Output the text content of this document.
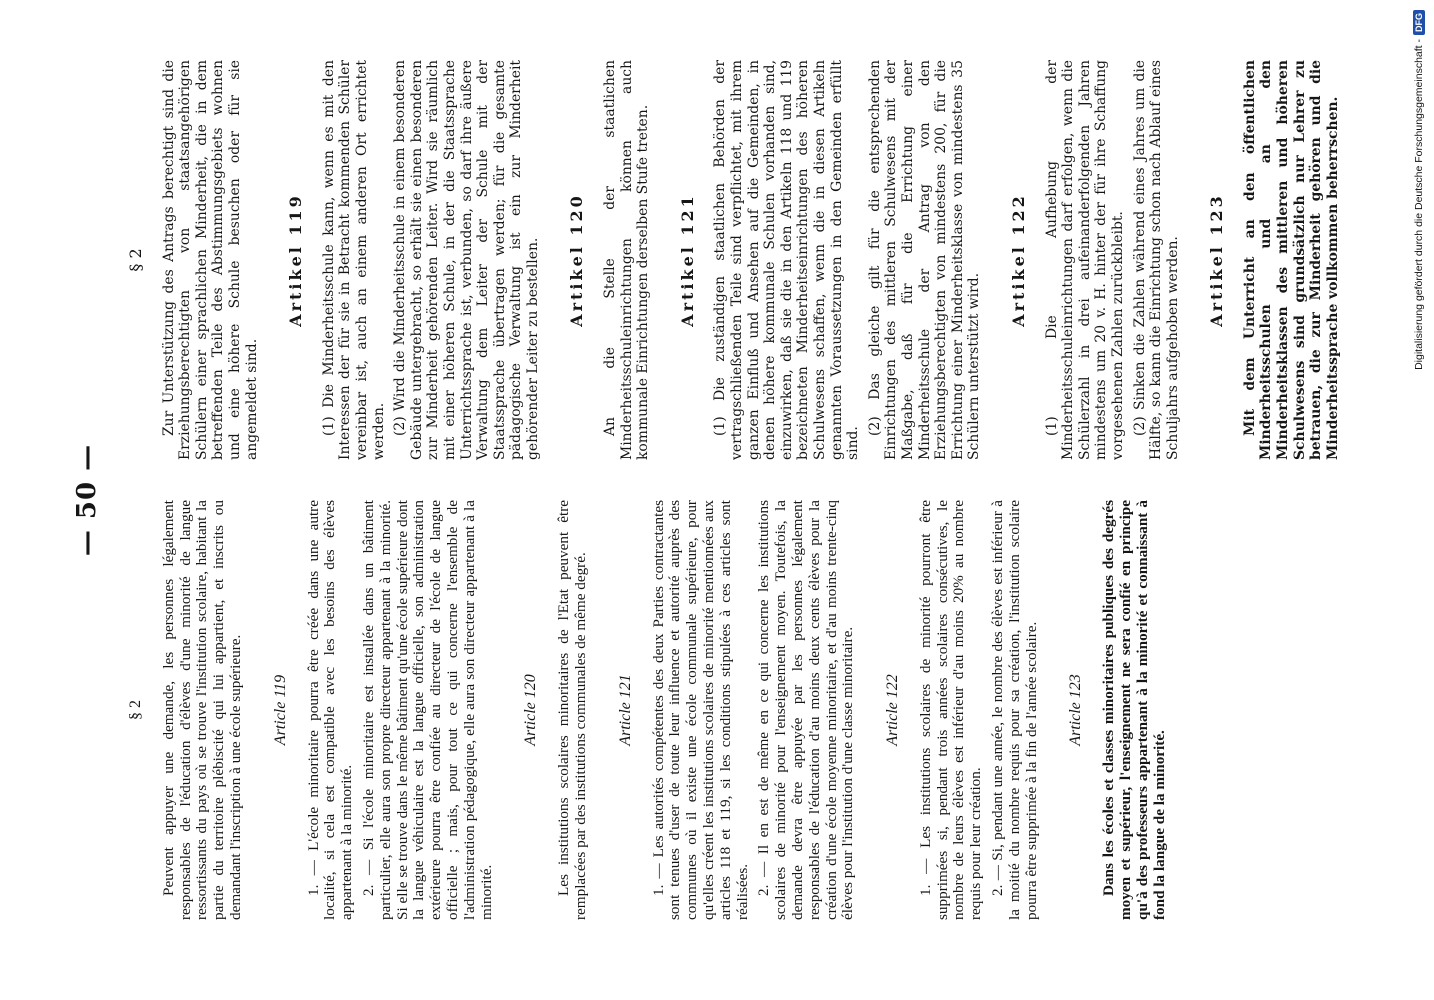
— 50 —
§ 2 Peuvent appuyer une demande, les personnes légalement responsables de l'éducation d'élèves d'une minorité de langue ressortissants du pays où se trouve l'institution scolaire, habitant la partie du territoire plébiscité qui lui appartient, et inscrits ou demandant l'inscription à une école supérieure. Article 119 1. — L'école minoritaire pourra être créée dans une autre localité, si cela est compatible avec les besoins des élèves appartenant à la minorité. 2. — Si l'école minoritaire est installée dans un bâtiment particulier, elle aura son propre directeur appartenant à la minorité. Si elle se trouve dans le même bâtiment qu'une école supérieure dont la langue véhiculaire est la langue officielle, son administration extérieure pourra être confiée au directeur de l'école de langue officielle ; mais, pour tout ce qui concerne l'ensemble de l'administration pédagogique, elle aura son directeur appartenant à la minorité.
Article 120 Les institutions scolaires minoritaires de l'Etat peuvent être remplacées par des institutions communales de même degré. Article 121 1. — Les autorités compétentes des deux Parties contractantes sont tenues d'user de toute leur influence et autorité auprès des communes où il existe une école communale supérieure, pour qu'elles créent les institutions scolaires de minorité mentionnées aux articles 118 et 119, si les conditions stipulées à ces articles sont réalisées. 2. — Il en est de même en ce qui concerne les institutions scolaires de minorité pour l'enseignement moyen. Toutefois, la demande devra être appuyée par les personnes légalement responsables de l'éducation d'au moins deux cents élèves pour la création d'une école moyenne minoritaire, et d'au moins trente-cinq élèves pour l'institution d'une classe minoritaire. Article 122 1. — Les institutions scolaires de minorité pourront être supprimées si, pendant trois années scolaires consécutives, le nombre de leurs élèves est inférieur d'au moins 20% au nombre requis pour leur création. 2. — Si, pendant une année, le nombre des élèves est inférieur à la moitié du nombre requis pour sa création, l'institution scolaire pourra être supprimée à la fin de l'année scolaire. Article 123 Dans les écoles et classes minoritaires publiques des degrés moyen et supérieur, l'enseignement ne sera confié en principe qu'à des professeurs appartenant à la minorité et connaissant à fond la langue de la minorité.
§ 2 Zur Unterstützung des Antrags berechtigt sind die Erziehungsberechtigten von staatsangehörigen Schülern einer sprachlichen Minderheit, die in dem betreffenden Teile des Abstimmungsgebiets wohnen und eine höhere Schule besuchen oder für sie angemeldet sind.
Artikel 119 (1) Die Minderheitsschule kann, wenn es mit den Interessen der für sie in Betracht kommenden Schüler vereinbar ist, auch an einem anderen Ort errichtet werden. (2) Wird die Minderheitsschule in einem besonderen Gebäude untergebracht, so erhält sie einen besonderen zur Minderheit gehörenden Leiter. Wird sie räumlich mit einer höheren Schule, in der die Staatssprache Unterrichtssprache ist, verbunden, so darf ihre äußere Verwaltung dem Leiter der Schule mit der Staatssprache übertragen werden; für die gesamte pädagogische Verwaltung ist ein zur Minderheit gehörender Leiter zu bestellen. Artikel 120 An die Stelle der staatlichen Minderheitsschuleinrichtungen können auch kommunale Einrichtungen derselben Stufe treten. Artikel 121 (1) Die zuständigen staatlichen Behörden der vertragschließenden Teile sind verpflichtet, mit ihrem ganzen Einfluß und Ansehen auf die Gemeinden, in denen höhere kommunale Schulen vorhanden sind, einzuwirken, daß sie die in den Artikeln 118 und 119 bezeichneten Minderheitseinrichtungen des höheren Schulwesens schaffen, wenn die in diesen Artikeln genannten Voraussetzungen in den Gemeinden erfüllt sind.
(2) Das gleiche gilt für die entsprechenden Einrichtungen des mittleren Schulwesens mit der Maßgabe, daß für die Errichtung einer Minderheitsschule der Antrag von den Erziehungsberechtigten von mindestens 200, für die Errichtung einer Minderheitsklasse von mindestens 35 Schülern unterstützt wird.
Artikel 122 (1) Die Aufhebung der Minderheitsschuleinrichtungen darf erfolgen, wenn die Schülerzahl in drei aufeinanderfolgenden Jahren mindestens um 20 v. H. hinter der für ihre Schaffung vorgesehenen Zahlen zurückbleibt. (2) Sinken die Zahlen während eines Jahres um die Hälfte, so kann die Einrichtung schon nach Ablauf eines Schuljahrs aufgehoben werden. Artikel 123 Mit dem Unterricht an den öffentlichen Minderheitsschulen und an den Minderheitsklassen des mittleren und höheren Schulwesens sind grundsätzlich nur Lehrer zu betrauen, die zur Minderheit gehören und die Minderheitssprache vollkommen beherrschen.	Digitalisierung gefördert durch die Deutsche Forschungsgemeinschaft -
DFG
